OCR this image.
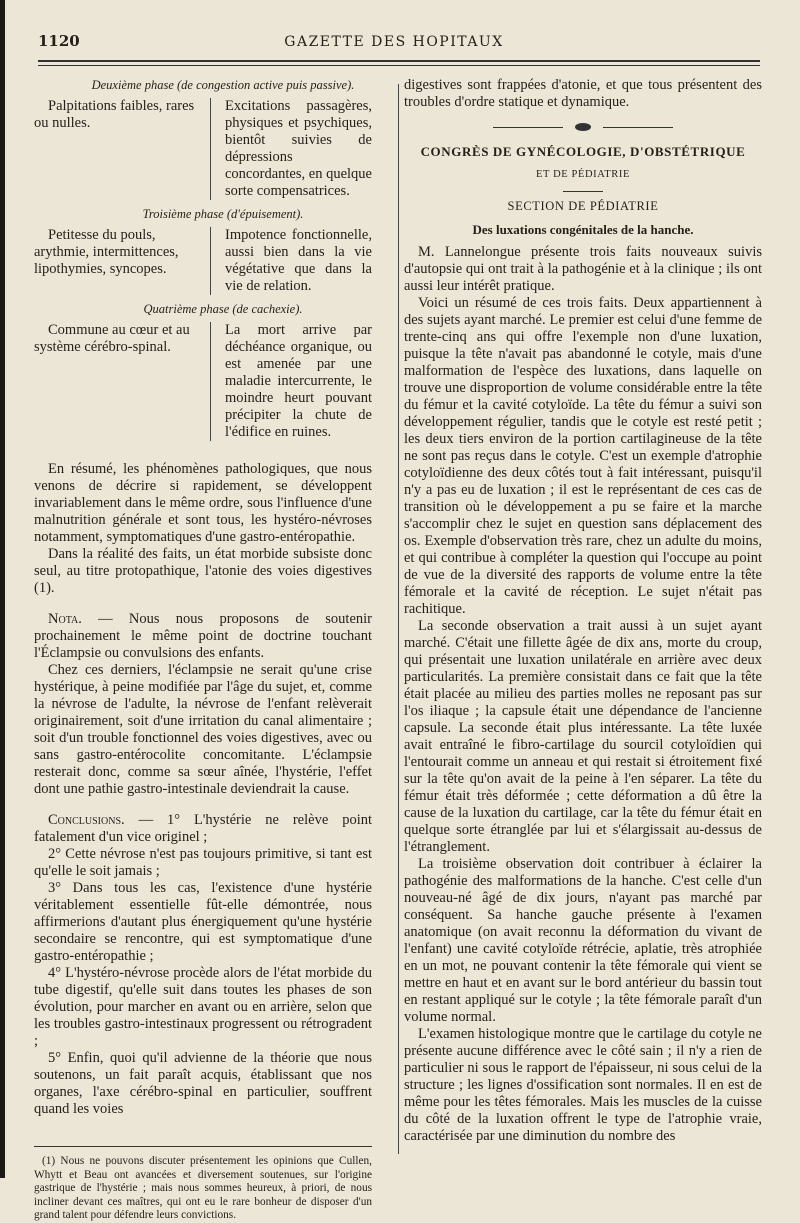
1120	GAZETTE DES HOPITAUX
Deuxième phase (de congestion active puis passive).
Palpitations faibles, rares ou nulles.
Excitations passagères, physiques et psychiques, bientôt suivies de dépressions concordantes, en quelque sorte compensatrices.
Troisième phase (d'épuisement).
Petitesse du pouls, arythmie, intermittences, lipothymies, syncopes.
Impotence fonctionnelle, aussi bien dans la vie végétative que dans la vie de relation.
Quatrième phase (de cachexie).
Commune au cœur et au système cérébro-spinal.
La mort arrive par déchéance organique, ou est amenée par une maladie intercurrente, le moindre heurt pouvant précipiter la chute de l'édifice en ruines.

En résumé, les phénomènes pathologiques, que nous venons de décrire si rapidement, se développent invariablement dans le même ordre, sous l'influence d'une malnutrition générale et sont tous, les hystéro-névroses notamment, symptomatiques d'une gastro-entéropathie.

Dans la réalité des faits, un état morbide subsiste donc seul, au titre protopathique, l'atonie des voies digestives (1).

Nota. — Nous nous proposons de soutenir prochainement le même point de doctrine touchant l'Éclampsie ou convulsions des enfants.

Chez ces derniers, l'éclampsie ne serait qu'une crise hystérique, à peine modifiée par l'âge du sujet, et, comme la névrose de l'adulte, la névrose de l'enfant relèverait originairement, soit d'une irritation du canal alimentaire ; soit d'un trouble fonctionnel des voies digestives, avec ou sans gastro-entérocolite concomitante. L'éclampsie resterait donc, comme sa sœur aînée, l'hystérie, l'effet dont une pathie gastro-intestinale deviendrait la cause.

Conclusions. — 1° L'hystérie ne relève point fatalement d'un vice originel ;

2° Cette névrose n'est pas toujours primitive, si tant est qu'elle le soit jamais ;

3° Dans tous les cas, l'existence d'une hystérie véritablement essentielle fût-elle démontrée, nous affirmerions d'autant plus énergiquement qu'une hystérie secondaire se rencontre, qui est symptomatique d'une gastro-entéropathie ;

4° L'hystéro-névrose procède alors de l'état morbide du tube digestif, qu'elle suit dans toutes les phases de son évolution, pour marcher en avant ou en arrière, selon que les troubles gastro-intestinaux progressent ou rétrogradent ;

5° Enfin, quoi qu'il advienne de la théorie que nous soutenons, un fait paraît acquis, établissant que nos organes, l'axe cérébro-spinal en particulier, souffrent quand les voies

(1) Nous ne pouvons discuter présentement les opinions que Cullen, Whytt et Beau ont avancées et diversement soutenues, sur l'origine gastrique de l'hystérie ; mais nous sommes heureux, à priori, de nous incliner devant ces maîtres, qui ont eu le rare bonheur de disposer d'un grand talent pour défendre leurs convictions.

digestives sont frappées d'atonie, et que tous présentent des troubles d'ordre statique et dynamique.

CONGRÈS DE GYNÉCOLOGIE, D'OBSTÉTRIQUE
ET DE PÉDIATRIE
SECTION DE PÉDIATRIE
Des luxations congénitales de la hanche.

M. Lannelongue présente trois faits nouveaux suivis d'autopsie qui ont trait à la pathogénie et à la clinique ; ils ont aussi leur intérêt pratique.

Voici un résumé de ces trois faits. Deux appartiennent à des sujets ayant marché. Le premier est celui d'une femme de trente-cinq ans qui offre l'exemple non d'une luxation, puisque la tête n'avait pas abandonné le cotyle, mais d'une malformation de l'espèce des luxations, dans laquelle on trouve une disproportion de volume considérable entre la tête du fémur et la cavité cotyloïde. La tête du fémur a suivi son développement régulier, tandis que le cotyle est resté petit ; les deux tiers environ de la portion cartilagineuse de la tête ne sont pas reçus dans le cotyle. C'est un exemple d'atrophie cotyloïdienne des deux côtés tout à fait intéressant, puisqu'il n'y a pas eu de luxation ; il est le représentant de ces cas de transition où le développement a pu se faire et la marche s'accomplir chez le sujet en question sans déplacement des os. Exemple d'observation très rare, chez un adulte du moins, et qui contribue à compléter la question qui l'occupe au point de vue de la diversité des rapports de volume entre la tête fémorale et la cavité de réception. Le sujet n'était pas rachitique.

La seconde observation a trait aussi à un sujet ayant marché. C'était une fillette âgée de dix ans, morte du croup, qui présentait une luxation unilatérale en arrière avec deux particularités. La première consistait dans ce fait que la tête était placée au milieu des parties molles ne reposant pas sur l'os iliaque ; la capsule était une dépendance de l'ancienne capsule. La seconde était plus intéressante. La tête luxée avait entraîné le fibro-cartilage du sourcil cotyloïdien qui l'entourait comme un anneau et qui restait si étroitement fixé sur la tête qu'on avait de la peine à l'en séparer. La tête du fémur était très déformée ; cette déformation a dû être la cause de la luxation du cartilage, car la tête du fémur était en quelque sorte étranglée par lui et s'élargissait au-dessus de l'étranglement.

La troisième observation doit contribuer à éclairer la pathogénie des malformations de la hanche. C'est celle d'un nouveau-né âgé de dix jours, n'ayant pas marché par conséquent. Sa hanche gauche présente à l'examen anatomique (on avait reconnu la déformation du vivant de l'enfant) une cavité cotyloïde rétrécie, aplatie, très atrophiée en un mot, ne pouvant contenir la tête fémorale qui vient se mettre en haut et en avant sur le bord antérieur du bassin tout en restant appliqué sur le cotyle ; la tête fémorale paraît d'un volume normal.

L'examen histologique montre que le cartilage du cotyle ne présente aucune différence avec le côté sain ; il n'y a rien de particulier ni sous le rapport de l'épaisseur, ni sous celui de la structure ; les lignes d'ossification sont normales. Il en est de même pour les têtes fémorales. Mais les muscles de la cuisse du côté de la luxation offrent le type de l'atrophie vraie, caractérisée par une diminution du nombre des
